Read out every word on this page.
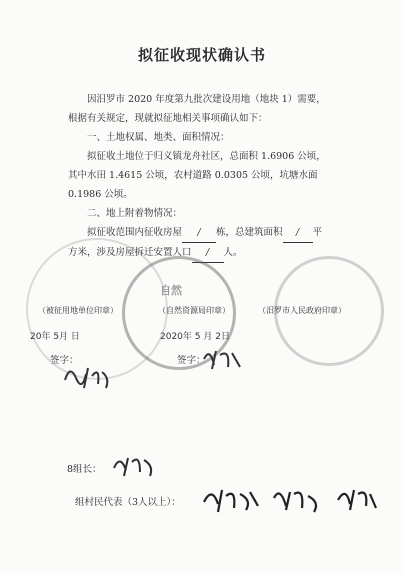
拟征收现状确认书
因汨罗市 2020 年度第九批次建设用地（地块 1）需要，
根据有关规定，现就拟征地相关事项确认如下：
一、土地权属、地类、面积情况：
拟征收土地位于归义镇龙舟社区，总面积 1.6906 公顷，
其中水田 1.4615 公顷，农村道路 0.0305 公顷，坑塘水面
0.1986 公顷。
二、地上附着物情况：
拟征收范围内征收房屋 / 栋，总建筑面积 / 平
方米，涉及房屋拆迁安置人口 / 人。
自然
（被征用地单位印章）	（自然资源局印章）	（汨罗市人民政府印章）
20年 5月 日	2020年 5 月 2日
签字：	签字：
8组长：
组村民代表（3人以上）：
